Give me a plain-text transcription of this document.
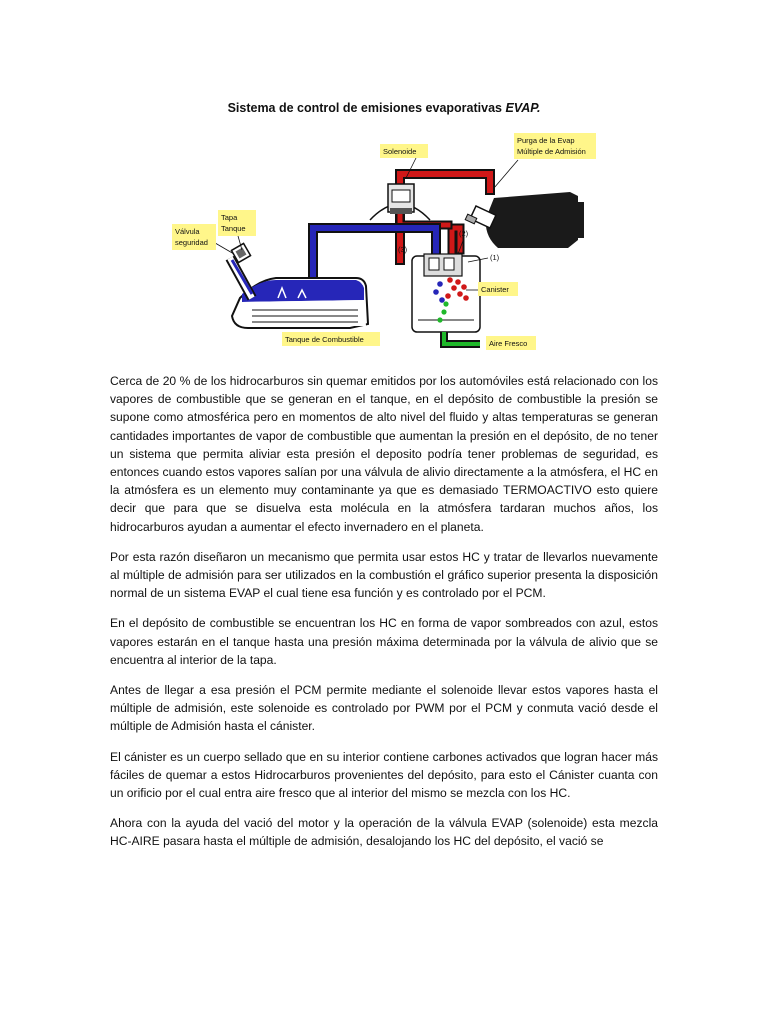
Sistema de control de emisiones evaporativas EVAP.
Solenoide
Purga de la Evap
Múltiple de Admisión
Tapa
Tanque
Válvula
seguridad
Canister
Tanque de Combustible	Aire Fresco
(3)
(2)
(1)

Cerca de 20 % de los hidrocarburos sin quemar emitidos por los automóviles está relacionado con los vapores de combustible que se generan en el tanque, en el depósito de combustible la presión se supone como atmosférica pero en momentos de alto nivel del fluido y altas temperaturas se generan cantidades importantes de vapor de combustible que aumentan la presión en el depósito, de no tener un sistema que permita aliviar esta presión el deposito podría tener problemas de seguridad, es entonces cuando estos vapores salían por una válvula de alivio directamente a la atmósfera, el HC en la atmósfera es un elemento muy contaminante ya que es demasiado TERMOACTIVO esto quiere decir que para que se disuelva esta molécula en la atmósfera tardaran muchos años, los hidrocarburos ayudan a aumentar el efecto invernadero en el planeta.

Por esta razón diseñaron un mecanismo que permita usar estos HC y tratar de llevarlos nuevamente al múltiple de admisión para ser utilizados en la combustión el gráfico superior presenta la disposición normal de un sistema EVAP el cual tiene esa función y es controlado por el PCM.

En el depósito de combustible se encuentran los HC en forma de vapor sombreados con azul, estos vapores estarán en el tanque hasta una presión máxima determinada por la válvula de alivio que se encuentra al interior de la tapa.

Antes de llegar a esa presión el PCM permite mediante el solenoide llevar estos vapores hasta el múltiple de admisión, este solenoide es controlado por PWM por el PCM y conmuta vació desde el múltiple de Admisión hasta el cánister.

El cánister es un cuerpo sellado que en su interior contiene carbones activados que logran hacer más fáciles de quemar a estos Hidrocarburos provenientes del depósito, para esto el Cánister cuanta con un orificio por el cual entra aire fresco que al interior del mismo se mezcla con los HC.

Ahora con la ayuda del vació del motor y la operación de la válvula EVAP (solenoide) esta mezcla HC-AIRE pasara hasta el múltiple de admisión, desalojando los HC del depósito, el vació se
